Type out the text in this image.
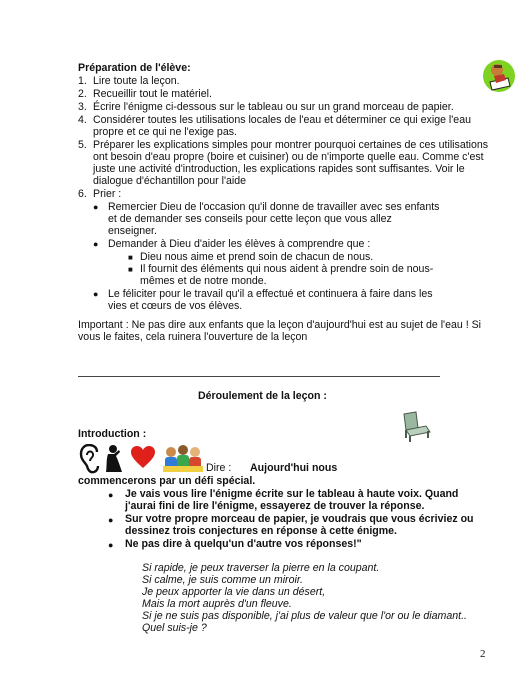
Préparation de l'élève:
1. Lire toute la leçon.
2. Recueillir tout le matériel.
3. Écrire l'énigme ci-dessous sur le tableau ou sur un grand morceau de papier.
4. Considérer toutes les utilisations locales de l'eau et déterminer ce qui exige l'eau
propre et ce qui ne l'exige pas.
5. Préparer les explications simples pour montrer pourquoi certaines de ces utilisations
ont besoin d'eau propre (boire et cuisiner) ou de n'importe quelle eau. Comme c'est
juste une activité d'introduction, les explications rapides sont suffisantes. Voir le
dialogue d'échantillon pour l'aide
6. Prier :
● Remercier Dieu de l'occasion qu'il donne de travailler avec ses enfants
et de demander ses conseils pour cette leçon que vous allez
enseigner.
● Demander à Dieu d'aider les élèves à comprendre que :
■ Dieu nous aime et prend soin de chacun de nous.
■ Il fournit des éléments qui nous aident à prendre soin de nous-
mêmes et de notre monde.
● Le féliciter pour le travail qu'il a effectué et continuera à faire dans les
vies et cœurs de vos élèves.
Important : Ne pas dire aux enfants que la leçon d'aujourd'hui est au sujet de l'eau ! Si
vous le faites, cela ruinera l'ouverture de la leçon
Déroulement de la leçon :
Introduction :
Dire : Aujourd'hui nous
commencerons par un défi spécial.
● Je vais vous lire l'énigme écrite sur le tableau à haute voix. Quand
j'aurai fini de lire l'énigme, essayerez de trouver la réponse.
● Sur votre propre morceau de papier, je voudrais que vous écriviez ou
dessinez trois conjectures en réponse à cette énigme.
● Ne pas dire à quelqu'un d'autre vos réponses!"
Si rapide, je peux traverser la pierre en la coupant.
Si calme, je suis comme un miroir.
Je peux apporter la vie dans un désert,
Mais la mort auprès d'un fleuve.
Si je ne suis pas disponible, j'ai plus de valeur que l'or ou le diamant..
Quel suis-je ?
2
